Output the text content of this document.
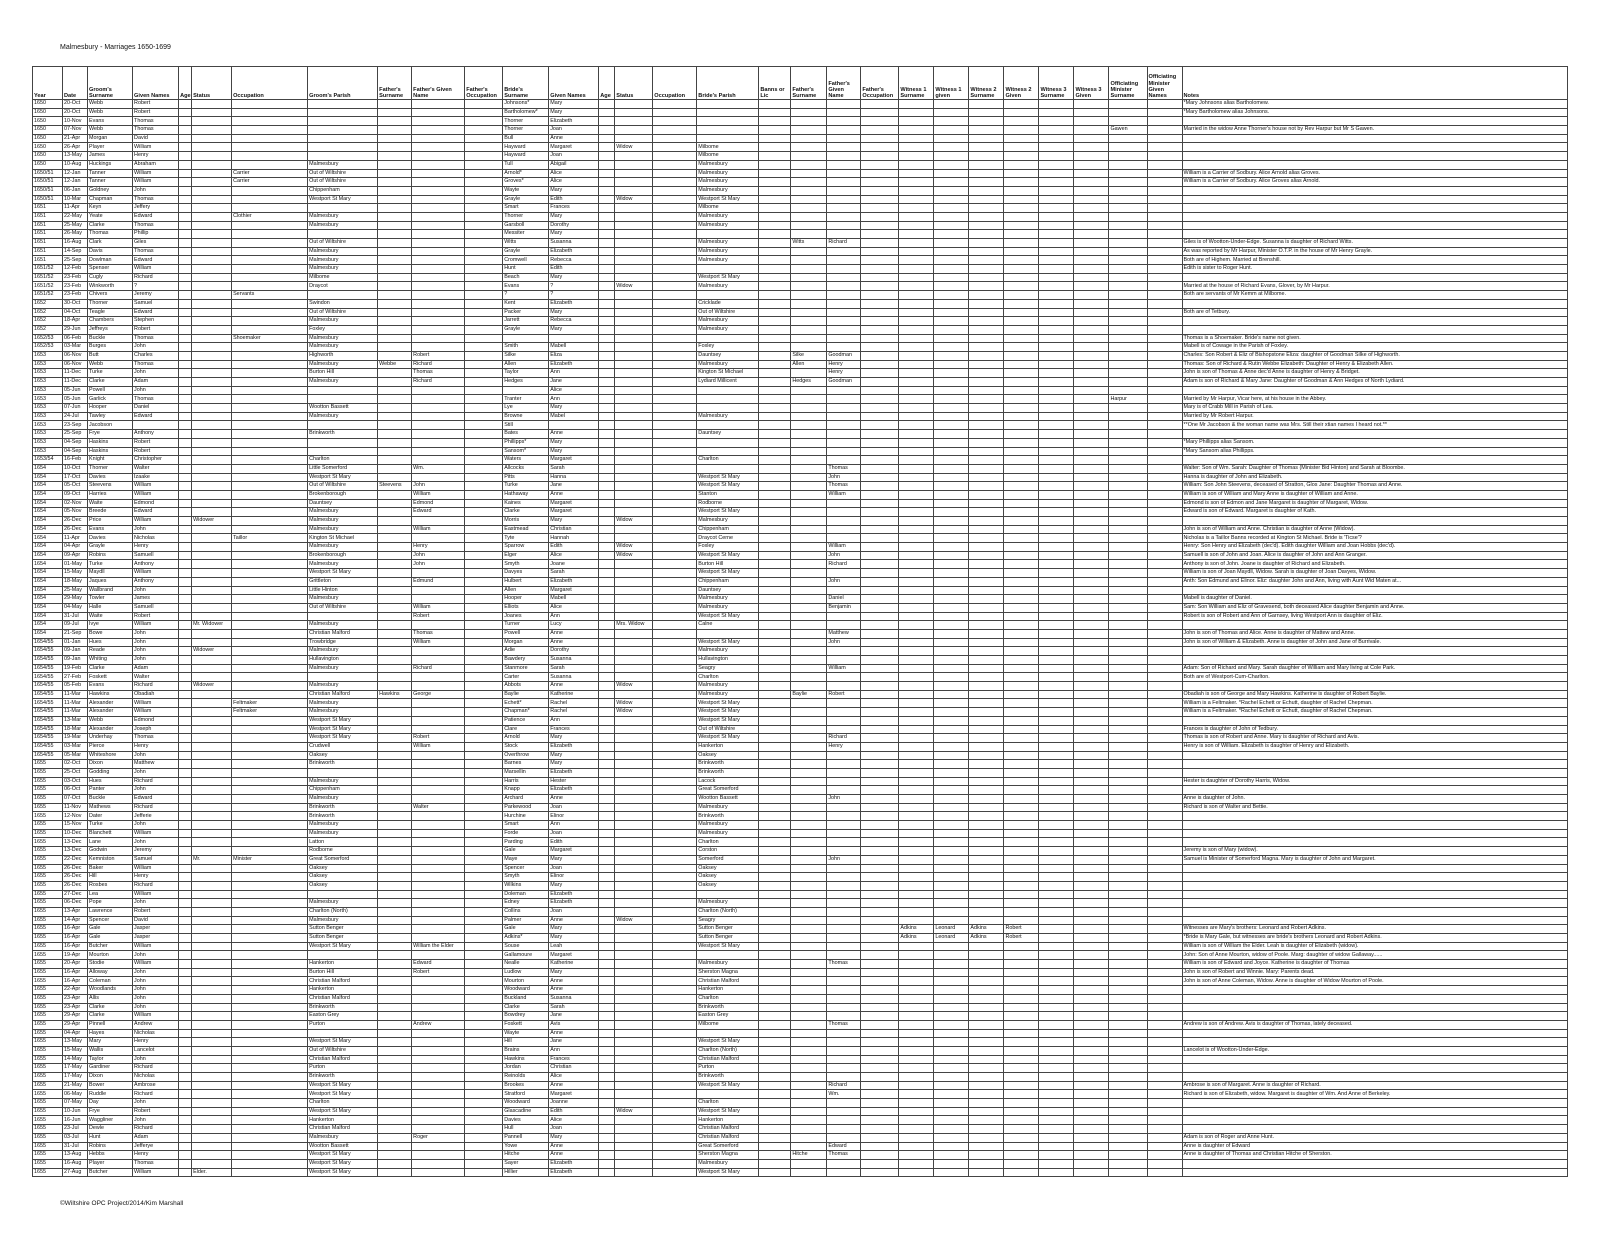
Malmesbury - Marriages 1650-1699
Year	Date	Groom's Surname	Given Names	Age	Status	Occupation	Groom's Parish	Father's Surname	Father's Given Name	Father's Occupation	Bride's Surname	Given Names	Age	Status	Occupation	Bride's Parish	Banns or Lic	Father's Surname	Father's Given Name	Father's Occupation	Witness 1 Surname	Witness 1 given	Witness 2 Surname	Witness 2 Given	Witness 3 Surname	Witness 3 Given	Officiating Minister Surname	Officiating Minister Given Names	Notes
1650	20-Oct	Webb	Robert								Johnsons*	Mary																	*Mary Johnsons alias Bartholomew.
1650	20-Oct	Webb	Robert								Bartholomew*	Mary																	*Mary Bartholomew alias Johnsons.
1650	10-Nov	Evans	Thomas								Thorner	Elizabeth																	
1650	07-Nov	Webb	Thomas								Thorner	Joan															Gawen		Married in the widow Anne Thorner's house not by Rev Harpur but Mr S Gawen.
1650	21-Apr	Morgan	David								Bull	Anne																	
1650	26-Apr	Player	William								Hayward	Margaret		Widow		Milbome													
1650	13-May	James	Henry								Hayward	Joan				Milbome													
1650	10-Aug	Huckings	Abraham				Malmesbury				Tull	Abigail				Malmesbury													
1650/51	12-Jan	Tanner	William			Carrier	Out of Wiltshire				Arnold*	Alice				Malmesbury													William is a Carrier of Sodbury. Alice Arnold alias Groves.
1650/51	12-Jan	Tanner	William			Carrier	Out of Wiltshire				Groves*	Alice				Malmesbury													William is a Carrier of Sodbury. Alice Groves alias Arnold.
1650/51	06-Jan	Goldney	John				Chippenham				Wayte	Mary				Malmesbury													
1650/51	10-Mar	Chapman	Thomas				Westport St Mary				Grayle	Edith		Widow		Westport St Mary													
1651	11-Apr	Keyn	Jeffery								Smart	Frances				Milbome													
1651	22-May	Yeate	Edward			Clothier	Malmesbury				Thorner	Mary				Malmesbury													
1651	25-May	Clarke	Thomas				Malmesbury				Garsboll	Dorothy				Malmesbury													
1651	26-May	Thomas	Phillip								Messiter	Mary																	
1651	16-Aug	Clark	Giles				Out of Wiltshire				Witts	Susanna				Malmesbury		Witts	Richard										Giles is of Wootton-Under-Edge. Susanna is daughter of Richard Witts.
1651	14-Sep	Davis	Thomas				Malmesbury				Grayle	Elizabeth				Malmesbury													As was reported by Mr Harpur, Minister O.T.P. in the house of Mr Henry Grayle.
1651	25-Sep	Dowlman	Edward				Malmesbury				Cromwell	Rebecca				Malmesbury													Both are of Highem. Married at Brenshill.
1651/52	12-Feb	Spenser	William				Malmesbury				Hunt	Edith																	Edith is sister to Roger Hunt.
1651/52	23-Feb	Cugly	Richard				Milbome				Beach	Mary				Westport St Mary													
1651/52	23-Feb	Winkworth	?				Draycot				Evans	?		Widow		Malmesbury													Married at the house of Richard Evans, Glover, by Mr Harpur.
1651/52	23-Feb	Chivers	Jeremy			Servants					?	?																	Both are servants of Mr Kemm at Milbome.
1652	30-Oct	Thorner	Samuel				Swindon				Kent	Elizabeth				Cricklade													
1652	04-Oct	Teagle	Edward				Out of Wiltshire				Packer	Mary				Out of Wiltshire													Both are of Tetbury.
1652	18-Apr	Chambers	Stephen				Malmesbury				Jarrett	Rebecca				Malmesbury													
1652	29-Jun	Jeffreys	Robert				Foxley				Grayle	Mary				Malmesbury													
1652/53	06-Feb	Buckle	Thomas			Shoemaker	Malmesbury																						Thomas is a Shoemaker. Bride's name not given.
1652/53	03-Mar	Burges	John				Malmesbury				Smith	Mabell				Foxley													Mabell is of Cowage in the Parish of Foxley.
1653	06-Nov	Butt	Charles				Highworth		Robert		Silke	Eliza				Dauntsey		Silke	Goodman										Charles: Son Robert & Eliz of Bishopstone Eliza: daughter of Goodman Silke of Highworth.
1653	06-Nov	Webb	Thomas				Malmesbury	Webbe	Richard		Allen	Elizabeth				Malmesbury		Allen	Henry										Thomas: Son of Richard & Rutin Webbe Elizabeth: Daughter of Henry & Elizabeth Allen.
1653	11-Dec	Turke	John				Burton Hill		Thomas		Taylor	Ann				Kington St Michael			Henry										John is son of Thomas & Anne dec'd Anne is daughter of Henry & Bridget.
1653	11-Dec	Clarke	Adam				Malmesbury		Richard		Hedges	Jane				Lydiard Millicent		Hedges	Goodman										Adam is son of Richard & Mary Jane: Daughter of Goodman & Ann Hedges of North Lydiard.
1653	05-Jun	Powell	John									Alice																	
1653	05-Jun	Garlick	Thomas								Tranter	Ann															Harpur		Married by Mr Harpur, Vicar here, at his house in the Abbey.
1653	07-Jun	Hooper	Daniel				Wootton Bassett				Lye	Mary																	Mary is of Crabb Mill in Parish of Lea.
1653	24-Jul	Tawley	Edward				Malmesbury				Browne	Mabel				Malmesbury													Married by Mr Robert Harpur.
1653	23-Sep	Jacobson									Still																		**One Mr Jacobson & the woman name was Mrs. Still their xtian names I heard not.**
1653	25-Sep	Frye	Anthony				Brinkworth				Bates	Anne				Dauntsey													
1653	04-Sep	Haskins	Robert								Phillipps*	Mary																	*Mary Phillipps alias Sansom.
1653	04-Sep	Haskins	Robert								Sansom*	Mary																	*Mary Sansom alias Phillipps.
1653/54	16-Feb	Knight	Christopher				Charlton				Waters	Margaret				Charlton													
1654	10-Oct	Thorner	Walter				Little Somerford		Wm.		Allcocks	Sarah							Thomas										Walter: Son of Wm. Sarah: Daughter of Thomas (Minister Bid Hinton) and Sarah at Bloombe.
1654	17-Oct	Davies	Izaake				Westport St Mary				Pitts	Hanna				Westport St Mary			John										Hanna is daughter of John and Elizabeth.
1654	05-Oct	Steevens	William				Out of Wiltshire	Steevens	John		Turke	Jane				Westport St Mary			Thomas										William: Son John Steevens, deceased of Stratton, Glos Jane: Daughter Thomas and Anne.
1654	09-Oct	Harries	William				Brokenborough		William		Hathaway	Anne				Stanton			William										William is son of William and Mary Anne is daughter of William and Anne.
1654	02-Nov	Waite	Edmond				Dauntsey		Edmond		Kaines	Margaret				Rodborne													Edmond is son of Edmon and Jane Margaret is daughter of Margaret, Widow.
1654	05-Nov	Breede	Edward				Malmesbury		Edward		Clarke	Margaret				Westport St Mary													Edward is son of Edward. Margaret is daughter of Kath.
1654	26-Dec	Price	William		Widower		Malmesbury				Morris	Mary		Widow		Malmesbury													
1654	26-Dec	Evans	John				Malmesbury		William		Eastmead	Christian				Chippenham													John is son of William and Anne. Christian is daughter of Anne (Widow).
1654	11-Apr	Davies	Nicholas			Taillor	Kington St Michael				Tyte	Hannah				Draycot Cerne													Nicholas is a Taillor Banns recorded at Kington St Michael. Bride is 'Ticse'?
1654	04-Apr	Grayle	Henry				Malmesbury		Henry		Sparrow	Edith		Widow		Foxley			William										Henry: Son Henry and Elizabeth (dec'd). Edith daughter William and Joan Hobbs (dec'd).
1654	09-Apr	Robins	Samuell				Brokenborough		John		Elger	Alice		Widow		Westport St Mary			John										Samuell is son of John and Joan. Alice is daughter of John and Ann Granger.
1654	01-May	Turke	Anthony				Malmesbury		John		Smyth	Joane				Burton Hill			Richard										Anthony is son of John. Joane is daughter of Richard and Elizabeth.
1654	15-May	Maydll	William				Westport St Mary				Davyes	Sarah				Westport St Mary													William is son of Joan Maydll, Widow. Sarah is daughter of Joan Davyes, Widow.
1654	18-May	Jaques	Anthony				Grittleton		Edmund		Hulbert	Elizabeth				Chippenham			John										Anth: Son Edmund and Elinor. Eliz: daughter John and Ann, living with Aunt Wid Maten at...
1654	25-May	Wallbrand	John				Little Hinton				Allen	Margaret				Dauntsey													
1654	29-May	Towler	James				Malmesbury				Hooper	Mabell				Malmesbury			Daniel										Mabell is daughter of Daniel.
1654	04-May	Halle	Samuell				Out of Wiltshire		William		Elliots	Alice				Malmesbury			Benjamin										Sam: Son William and Eliz of Gravesend, both deceased Alice daughter Benjamin and Anne.
1654	31-Jul	Waite	Robert						Robert		Joanes	Ann				Westport St Mary													Robert is son of Robert and Ann of Garnsey, living Westport Ann is daughter of Eliz.
1654	09-Jul	Ivye	William		Mr. Widower		Malmesbury				Turner	Lucy		Mrs. Widow		Calne													
1654	21-Sep	Bowe	John				Christian Malford		Thomas		Powell	Anne							Matthew										John is son of Thomas and Alice. Anne is daughter of Mattew and Anne.
1654/55	01-Jan	Hues	John				Trowbridge		William		Morgan	Anne				Westport St Mary			John										John is son of William & Elizabeth. Anne is daughter of John and Jane of Burrivale.
1654/55	09-Jan	Reade	John		Widower		Malmesbury				Adie	Dorothy				Malmesbury													
1654/55	09-Jan	Whiting	John				Hullavington				Bawdery	Susanna				Hullavington													
1654/55	19-Feb	Clarke	Adam				Malmesbury		Richard		Stanmore	Sarah				Seagry			William										Adam: Son of Richard and Mary. Sarah daughter of William and Mary living at Cole Park.
1654/55	27-Feb	Foskett	Walter								Carter	Susanna				Charlton													Both are of Westport-Cum-Charlton.
1654/55	05-Feb	Evans	Richard		Widower		Malmesbury				Abbots	Anne		Widow		Malmesbury													
1654/55	11-Mar	Hawkins	Obadiah				Christian Malford	Hawkins	George		Baylie	Katherine				Malmesbury		Baylie	Robert										Obadiah is son of George and Mary Hawkins. Katherine is daughter of Robert Baylie.
1654/55	11-Mar	Alexander	William			Feltmaker	Malmesbury				Echett*	Rachel		Widow		Westport St Mary													William is a Feltmaker. *Rachel Echett or Echutt, daughter of Rachel Chepman.
1654/55	11-Mar	Alexander	William			Feltmaker	Malmesbury				Chapman*	Rachel		Widow		Westport St Mary													William is a Feltmaker. *Rachel Echett or Echutt, daughter of Rachel Chepman.
1654/55	13-Mar	Webb	Edmond				Westport St Mary				Patience	Ann				Westport St Mary													
1654/55	18-Mar	Alexander	Joseph				Westport St Mary				Clare	Frances				Out of Wiltshire													Frances is daughter of John of Tedbury.
1654/55	19-Mar	Underhay	Thomas				Westport St Mary		Robert		Arnold	Mary				Westport St Mary			Richard										Thomas is son of Robert and Anne. Mary is daughter of Richard and Avis.
1654/55	03-Mar	Pierce	Henry				Crudwell		William		Stock	Elizabeth				Hankerton			Henry										Henry is son of William. Elizabeth is daughter of Henry and Elizabeth.
1654/55	05-Mar	Whiteshore	John				Oaksey				Overthrow	Mary				Oaksey													
1655	02-Oct	Dixon	Matthew				Brinkworth				Barnes	Mary				Brinkworth													
1655	25-Oct	Godding	John								Marsellin	Elizabeth				Brinkworth													
1655	03-Oct	Hues	Richard				Malmesbury				Harris	Hester				Lacock													Hester is daughter of Dorothy Harris, Widow.
1655	06-Oct	Panter	John				Chippenham				Knapp	Elizabeth				Great Somerford													
1655	07-Oct	Buckle	Edward				Malmesbury				Archard	Anne				Wootton Bassett			John										Anne is daughter of John.
1655	11-Nov	Mathews	Richard				Brinkworth		Walter		Parkewood	Joan				Malmesbury													Richard is son of Walter and Bettie.
1655	12-Nov	Dater	Jefferie				Brinkworth				Hurchine	Elinor				Brinkworth													
1655	15-Nov	Turke	John				Malmesbury				Smart	Ann				Malmesbury													
1655	10-Dec	Blanchett	William				Malmesbury				Forde	Joan				Malmesbury													
1655	13-Dec	Lane	John				Latton				Parding	Edith				Charlton													
1655	13-Dec	Godwin	Jeremy				Rodborne				Gale	Margaret				Corston													Jeremy is son of Mary (widow).
1655	22-Dec	Kemniston	Samuel		Mr.	Minister	Great Somerford				Maye	Mary				Somerford			John										Samuel is Minister of Somerford Magna. Mary is daughter of John and Margaret.
1655	26-Dec	Baker	William				Oaksey				Spencer	Joan				Oaksey													
1655	26-Dec	Hill	Henry				Oaksey				Smyth	Elinor				Oaksey													
1655	26-Dec	Rosbes	Richard				Oaksey				Wilkins	Mary				Oaksey													
1655	27-Dec	Lea	William								Doleman	Elizabeth																	
1655	06-Dec	Pope	John				Malmesbury				Edney	Elizabeth				Malmesbury													
1655	13-Apr	Lawrence	Robert				Charlton (North)				Collins	Joan				Charlton (North)													
1655	14-Apr	Spencer	David				Malmesbury				Palmer	Anne		Widow		Seagry													
1655	16-Apr	Gale	Jasper				Sutton Benger				Gale	Mary				Sutton Benger					Adkins	Leonard	Adkins	Robert					Witnesses are Mary's brothers: Leonard and Robert Adkins.
1655	16-Apr	Gale	Jasper				Sutton Benger				Adkins*	Mary				Sutton Benger					Adkins	Leonard	Adkins	Robert					*Bride is Mary Gale, but witnesses are bride's brothers Leonard and Robert Adkins.
1655	16-Apr	Butcher	William				Westport St Mary		William the Elder		Souse	Leah				Westport St Mary													William is son of William the Elder. Leah is daughter of Elizabeth (widow).
1655	19-Apr	Mourton	John								Gallamoure	Margaret																	John: Son of Anne Mourton, widow of Poole. Marg: daughter of widow Gallaway......
1655	20-Apr	Stodie	William				Hankerton		Edward		Nealle	Katherine				Malmesbury			Thomas										William is son of Edward and Joyce. Katherine is daughter of Thomas
1655	16-Apr	Alloway	John				Burton Hill		Robert		Ludlow	Mary				Sherston Magna													John is son of Robert and Winnie. Mary: Parents dead.
1655	16-Apr	Coleman	John				Christian Malford				Mourton	Anne				Christian Malford													John is son of Anne Coleman, Widow. Anne is daughter of Widow Mourton of Poole.
1655	22-Apr	Woodlands	John				Hankerton				Woodward	Anne				Hankerton													
1655	23-Apr	Allis	John				Christian Malford				Buckland	Susanna				Charlton													
1655	23-Apr	Clarke	John				Brinkworth				Clarke	Sarah				Brinkworth													
1655	29-Apr	Clarke	William				Easton Grey				Bowdrey	Jane				Easton Grey													
1655	29-Apr	Pinnell	Andrew				Purton		Andrew		Foskett	Avis				Milbome			Thomas										Andrew is son of Andrew. Avis is daughter of Thomas, lately deceased.
1655	04-Apr	Hayes	Nicholas								Wayte	Anne																	
1655	13-May	Mary	Henry				Westport St Mary				Hill	Jane				Westport St Mary													
1655	15-May	Wallis	Lancelot				Out of Wiltshire				Brains	Ann				Charlton (North)													Lancelot is of Wootton-Under-Edge.
1655	14-May	Taylor	John				Christian Malford				Hawkins	Frances				Christian Malford													
1655	17-May	Gardiner	Richard				Purton				Jordan	Christian				Purton													
1655	17-May	Dixon	Nicholas				Brinkworth				Reinolds	Alice				Brinkworth													
1655	21-May	Bower	Ambrose				Westport St Mary				Brookes	Anne				Westport St Mary			Richard										Ambrose is son of Margaret. Anne is daughter of Richard.
1655	06-May	Ruddle	Richard				Westport St Mary				Stratford	Margaret							Wm.										Richard is son of Elizabeth, widow. Margaret is daughter of Wm. And Anne of Berkeley.
1655	07-May	Day	John				Charlton				Woodward	Joanne				Charlton													
1655	10-Jun	Frye	Robert				Westport St Mary				Glascadine	Edith		Widow		Westport St Mary													
1655	16-Jun	Waggliner	John				Hankerton				Davies	Alice				Hankerton													
1655	23-Jul	Dewle	Richard				Christian Malford				Hull	Joan				Christian Malford													
1655	03-Jul	Hunt	Adam				Malmesbury		Roger		Pannell	Mary				Christian Malford													Adam is son of Roger and Anne Hunt.
1655	31-Jul	Robins	Jefferye				Wootton Bassett				Yowe	Anne				Great Somerford			Edward										Anne is daughter of Edward
1655	13-Aug	Hebbs	Henry				Westport St Mary				Hitche	Anne				Sherston Magna		Hitche	Thomas										Anne is daughter of Thomas and Christian Hitche of Sherston.
1655	16-Aug	Player	Thomas				Westport St Mary				Sayer	Elizabeth				Malmesbury													
1655	27-Aug	Butcher	William		Elder.		Westport St Mary				Hillier	Elizabeth				Westport St Mary													
©Wiltshire OPC Project/2014/Kim Marshall
